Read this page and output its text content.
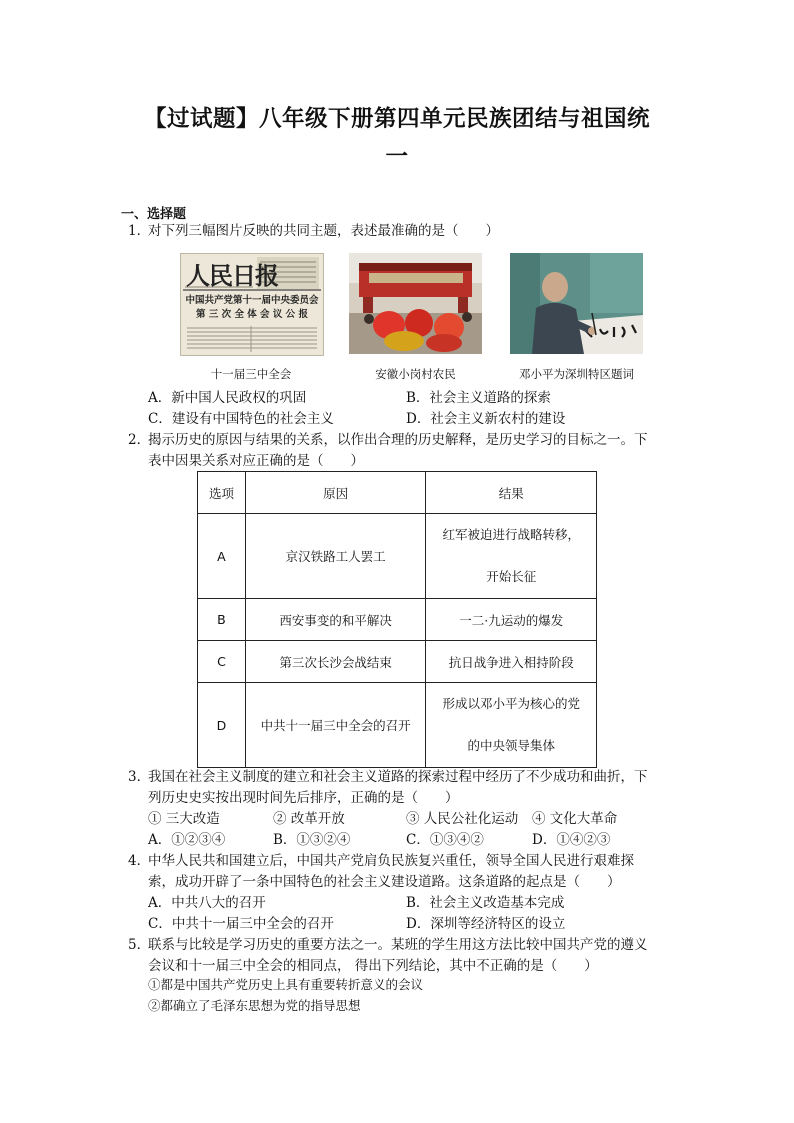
【过试题】八年级下册第四单元民族团结与祖国统
一
一、选择题
1．
对下列三幅图片反映的共同主题，表述最准确的是（　　）
人民日报
中国共产党第十一届中央委员会
第 三 次 全 体 会 议 公 报
十一届三中全会	安徽小岗村农民	邓小平为深圳特区题词
A．新中国人民政权的巩固	B．社会主义道路的探索
C．建设有中国特色的社会主义	D．社会主义新农村的建设
2．
揭示历史的原因与结果的关系，以作出合理的历史解释，是历史学习的目标之一。下
表中因果关系对应正确的是（　　）
选项	原因	结果
A	京汉铁路工人罢工	红军被迫进行战略转移，
开始长征

B	西安事变的和平解决	一二·九运动的爆发
C	第三次长沙会战结束	抗日战争进入相持阶段
D	中共十一届三中全会的召开	形成以邓小平为核心的党
的中央领导集体
3．
我国在社会主义制度的建立和社会主义道路的探索过程中经历了不少成功和曲折，下
列历史史实按出现时间先后排序，正确的是（　　）
① 三大改造	② 改革开放	③ 人民公社化运动 ④ 文化大革命
A．①②③④	B．①③②④	C．①③④②	D．①④②③
4．
中华人民共和国建立后，中国共产党肩负民族复兴重任，领导全国人民进行艰难探
索，成功开辟了一条中国特色的社会主义建设道路。这条道路的起点是（　　）
A．中共八大的召开	B．社会主义改造基本完成
C．中共十一届三中全会的召开	D．深圳等经济特区的设立
5．
联系与比较是学习历史的重要方法之一。某班的学生用这方法比较中国共产党的遵义
会议和十一届三中全会的相同点， 得出下列结论，其中不正确的是（　　）
①都是中国共产党历史上具有重要转折意义的会议
②都确立了毛泽东思想为党的指导思想
